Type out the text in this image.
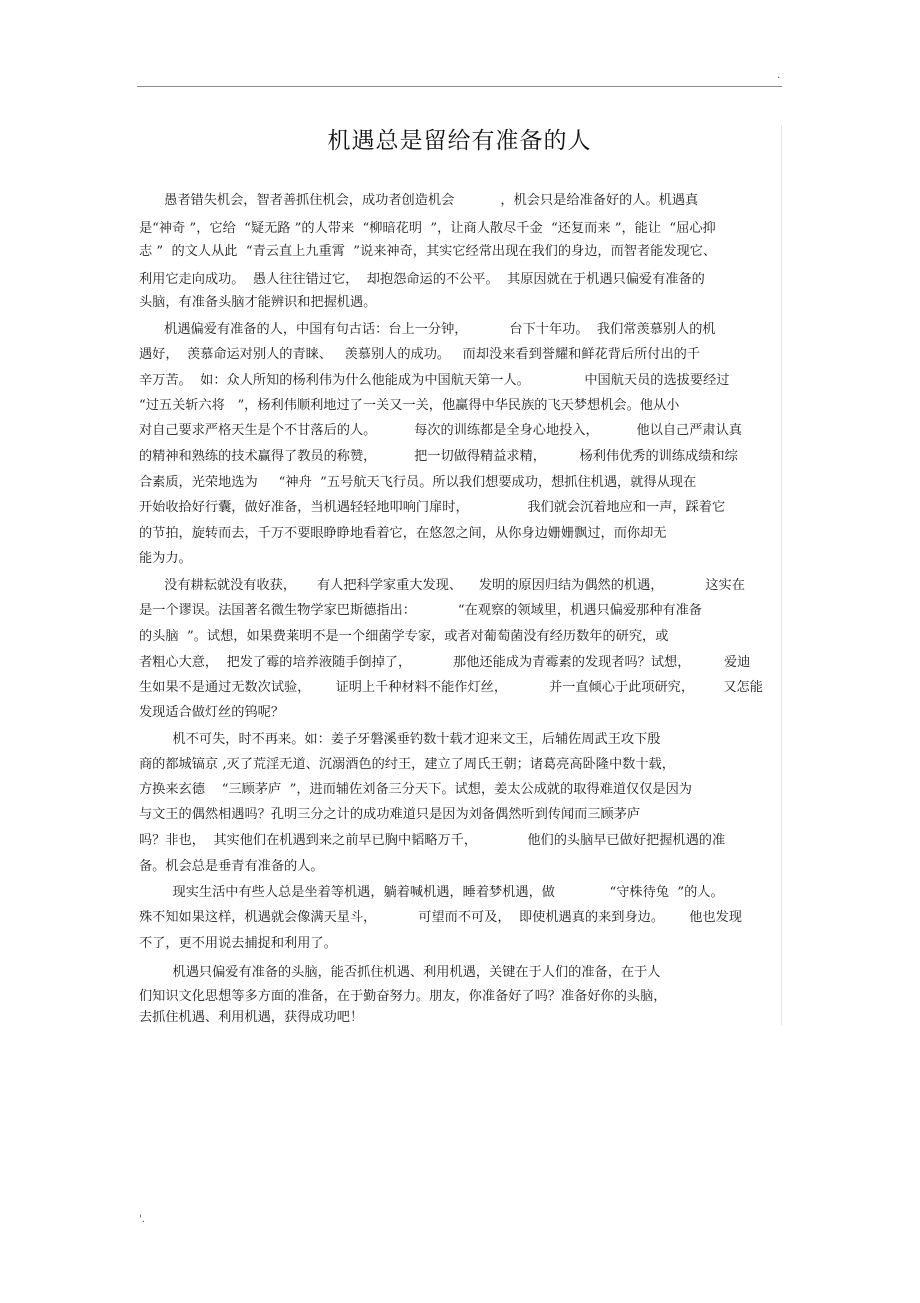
.
机遇总是留给有准备的人
愚者错失机会，智者善抓住机会，成功者创造机会           ，机会只是给准备好的人。机遇真
是“神奇 ”，它给  “疑无路 ”的人带来  “柳暗花明  ”，让商人散尽千金  “还复而来 ”，能让  “屈心抑
志 ”  的文人从此  “青云直上九重霄  ”说来神奇，其实它经常出现在我们的身边，而智者能发现它、
利用它走向成功。  愚人往往错过它，  却抱怨命运的不公平。  其原因就在于机遇只偏爱有准备的
头脑，有准备头脑才能辨识和把握机遇。
机遇偏爱有准备的人，中国有句古话：台上一分钟，          台下十年功。  我们常羡慕别人的机
遇好，  羡慕命运对别人的青睐、   羡慕别人的成功。   而却没来看到誉耀和鲜花背后所付出的千
辛万苦。  如：众人所知的杨利伟为什么他能成为中国航天第一人。             中国航天员的选拔要经过
“过五关斩六将   ”，杨利伟顺利地过了一关又一关，他赢得中华民族的飞天梦想机会。他从小
对自己要求严格天生是个不甘落后的人。         每次的训练都是全身心地投入，         他以自己严肃认真
的精神和熟练的技术赢得了教员的称赞，         把一切做得精益求精，        杨利伟优秀的训练成绩和综
合素质，光荣地选为     “神舟  ”五号航天飞行员。所以我们想要成功，想抓住机遇，就得从现在
开始收拾好行囊，做好准备，当机遇轻轻地叩响门扉时，              我们就会沉着地应和一声，踩着它
的节拍，旋转而去，千万不要眼睁睁地看着它，在悠忽之间，从你身边姗姗飘过，而你却无
能为力。
没有耕耘就没有收获，     有人把科学家重大发现、    发明的原因归结为偶然的机遇，          这实在
是一个谬误。法国著名微生物学家巴斯德指出：          “在观察的领域里，机遇只偏爱那种有准备
的头脑  ”。试想，如果费莱明不是一个细菌学专家，或者对葡萄菌没有经历数年的研究，或
者粗心大意，  把发了霉的培养液随手倒掉了，          那他还能成为青霉素的发现者吗？试想，        爱迪
生如果不是通过无数次试验，      证明上千种材料不能作灯丝，          并一直倾心于此项研究，       又怎能
发现适合做灯丝的钨呢？
机不可失，时不再来。如：姜子牙磐溪垂钓数十载才迎来文王，后辅佐周武王攻下殷
商的都城镐京 ,灭了荒淫无道、沉溺酒色的纣王，建立了周氏王朝；诸葛亮高卧隆中数十载，
方换来玄德    “三顾茅庐  ”，进而辅佐刘备三分天下。试想，姜太公成就的取得难道仅仅是因为
与文王的偶然相遇吗？孔明三分之计的成功难道只是因为刘备偶然听到传闻而三顾茅庐
吗？非也，  其实他们在机遇到来之前早已胸中韬略万千，            他们的头脑早已做好把握机遇的准
备。机会总是垂青有准备的人。
现实生活中有些人总是坐着等机遇，躺着喊机遇，睡着梦机遇，做             “守株待兔  ”的人。
殊不知如果这样，机遇就会像满天星斗，          可望而不可及，  即使机遇真的来到身边。      他也发现
不了，更不用说去捕捉和利用了。
机遇只偏爱有准备的头脑，能否抓住机遇、利用机遇，关键在于人们的准备，在于人
们知识文化思想等多方面的准备，在于勤奋努力。朋友，你准备好了吗？准备好你的头脑，
去抓住机遇、利用机遇，获得成功吧！
'.
